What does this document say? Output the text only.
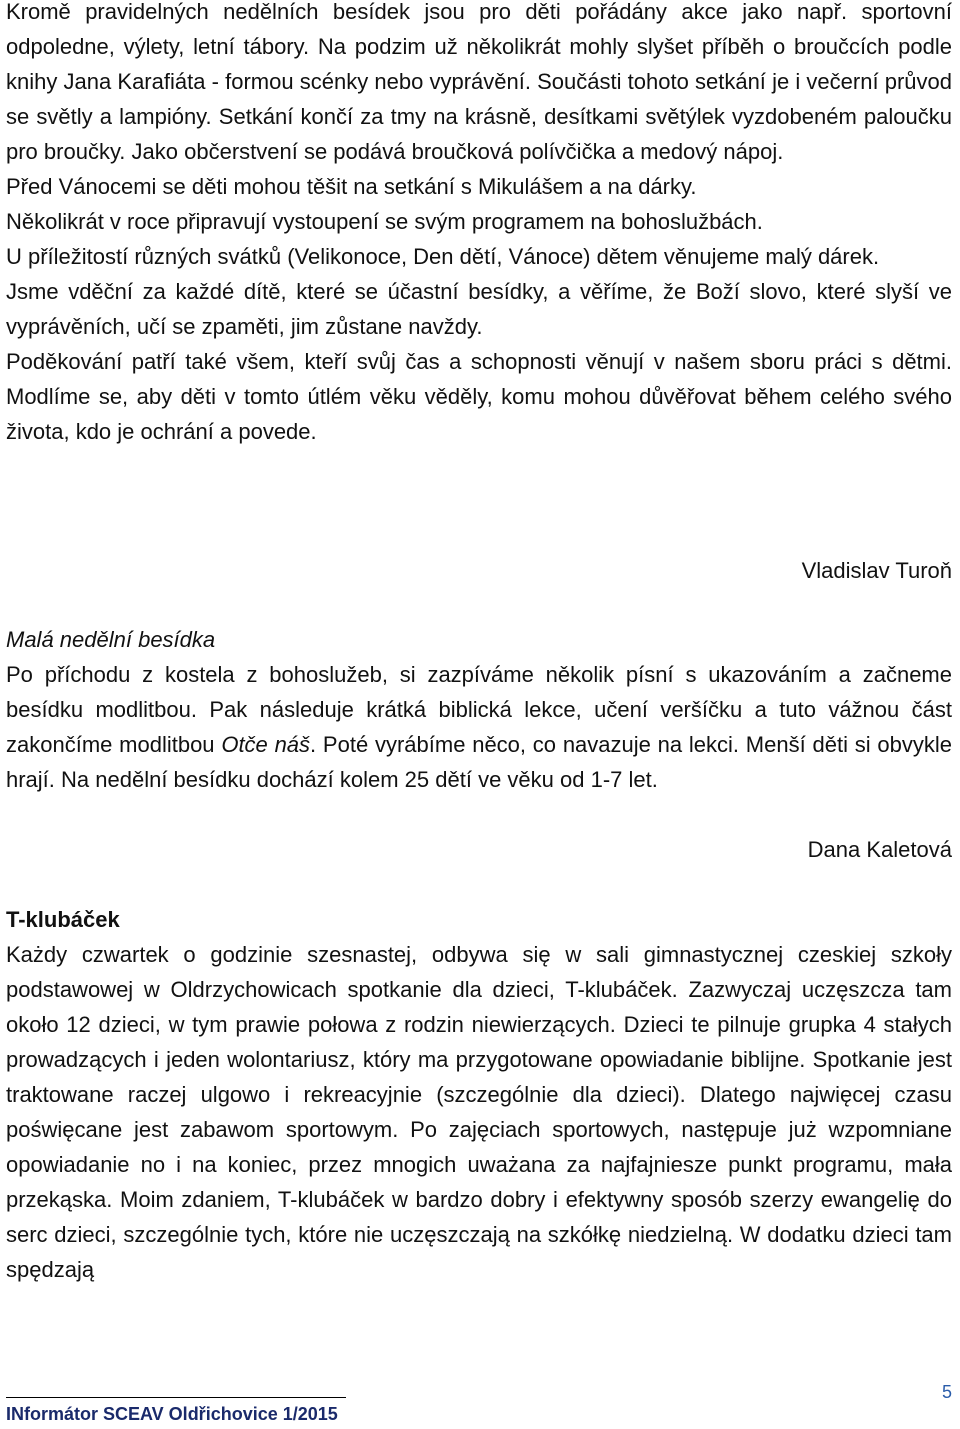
Kromě pravidelných nedělních besídek jsou pro děti pořádány akce jako např. sportovní odpoledne, výlety, letní tábory. Na podzim už několikrát mohly slyšet příběh o broučcích podle knihy Jana Karafiáta - formou scénky nebo vyprávění. Součásti tohoto setkání je i večerní průvod se světly a lampióny. Setkání končí za tmy na krásně, desítkami světýlek vyzdobeném paloučku pro broučky. Jako občerstvení se podává broučková polívčička a medový nápoj.

Před Vánocemi se děti mohou těšit na setkání s Mikulášem a na dárky.

Několikrát v roce připravují vystoupení se svým programem na bohoslužbách.

U příležitostí různých svátků (Velikonoce, Den dětí, Vánoce) dětem věnujeme malý dárek.

Jsme vděční za každé dítě, které se účastní besídky, a věříme, že Boží slovo, které slyší ve vyprávěních, učí se zpaměti, jim zůstane navždy.

Poděkování patří také všem, kteří svůj čas a schopnosti věnují v našem sboru práci s dětmi. Modlíme se, aby děti v tomto útlém věku věděly, komu mohou důvěřovat během celého svého života, kdo je ochrání a povede.

Vladislav Turoň

Malá nedělní besídka

Po příchodu z kostela z bohoslužeb, si zazpíváme několik písní s ukazováním a začneme besídku modlitbou. Pak následuje krátká biblická lekce, učení veršíčku a tuto vážnou část zakončíme modlitbou Otče náš. Poté vyrábíme něco, co navazuje na lekci. Menší děti si obvykle hrají. Na nedělní besídku dochází kolem 25 dětí ve věku od 1-7 let.

Dana Kaletová

T-klubáček

Każdy czwartek o godzinie szesnastej, odbywa się w sali gimnastycznej czeskiej szkoły podstawowej w Oldrzychowicach spotkanie dla dzieci, T-klubáček. Zazwyczaj uczęszcza tam około 12 dzieci, w tym prawie połowa z rodzin niewierzących. Dzieci te pilnuje grupka 4 stałych prowadzących i jeden wolontariusz, który ma przygotowane opowiadanie biblijne. Spotkanie jest traktowane raczej ulgowo i rekreacyjnie (szczególnie dla dzieci). Dlatego najwięcej czasu poświęcane jest zabawom sportowym. Po zajęciach sportowych, następuje już wzpomniane opowiadanie no i na koniec, przez mnogich uważana za najfajniesze punkt programu, mała przekąska. Moim zdaniem, T-klubáček w bardzo dobry i efektywny sposób szerzy ewangelię do serc dzieci, szczególnie tych, które nie uczęszczają na szkółkę niedzielną. W dodatku dzieci tam spędzają

INformátor SCEAV Oldřichovice 1/2015
5
